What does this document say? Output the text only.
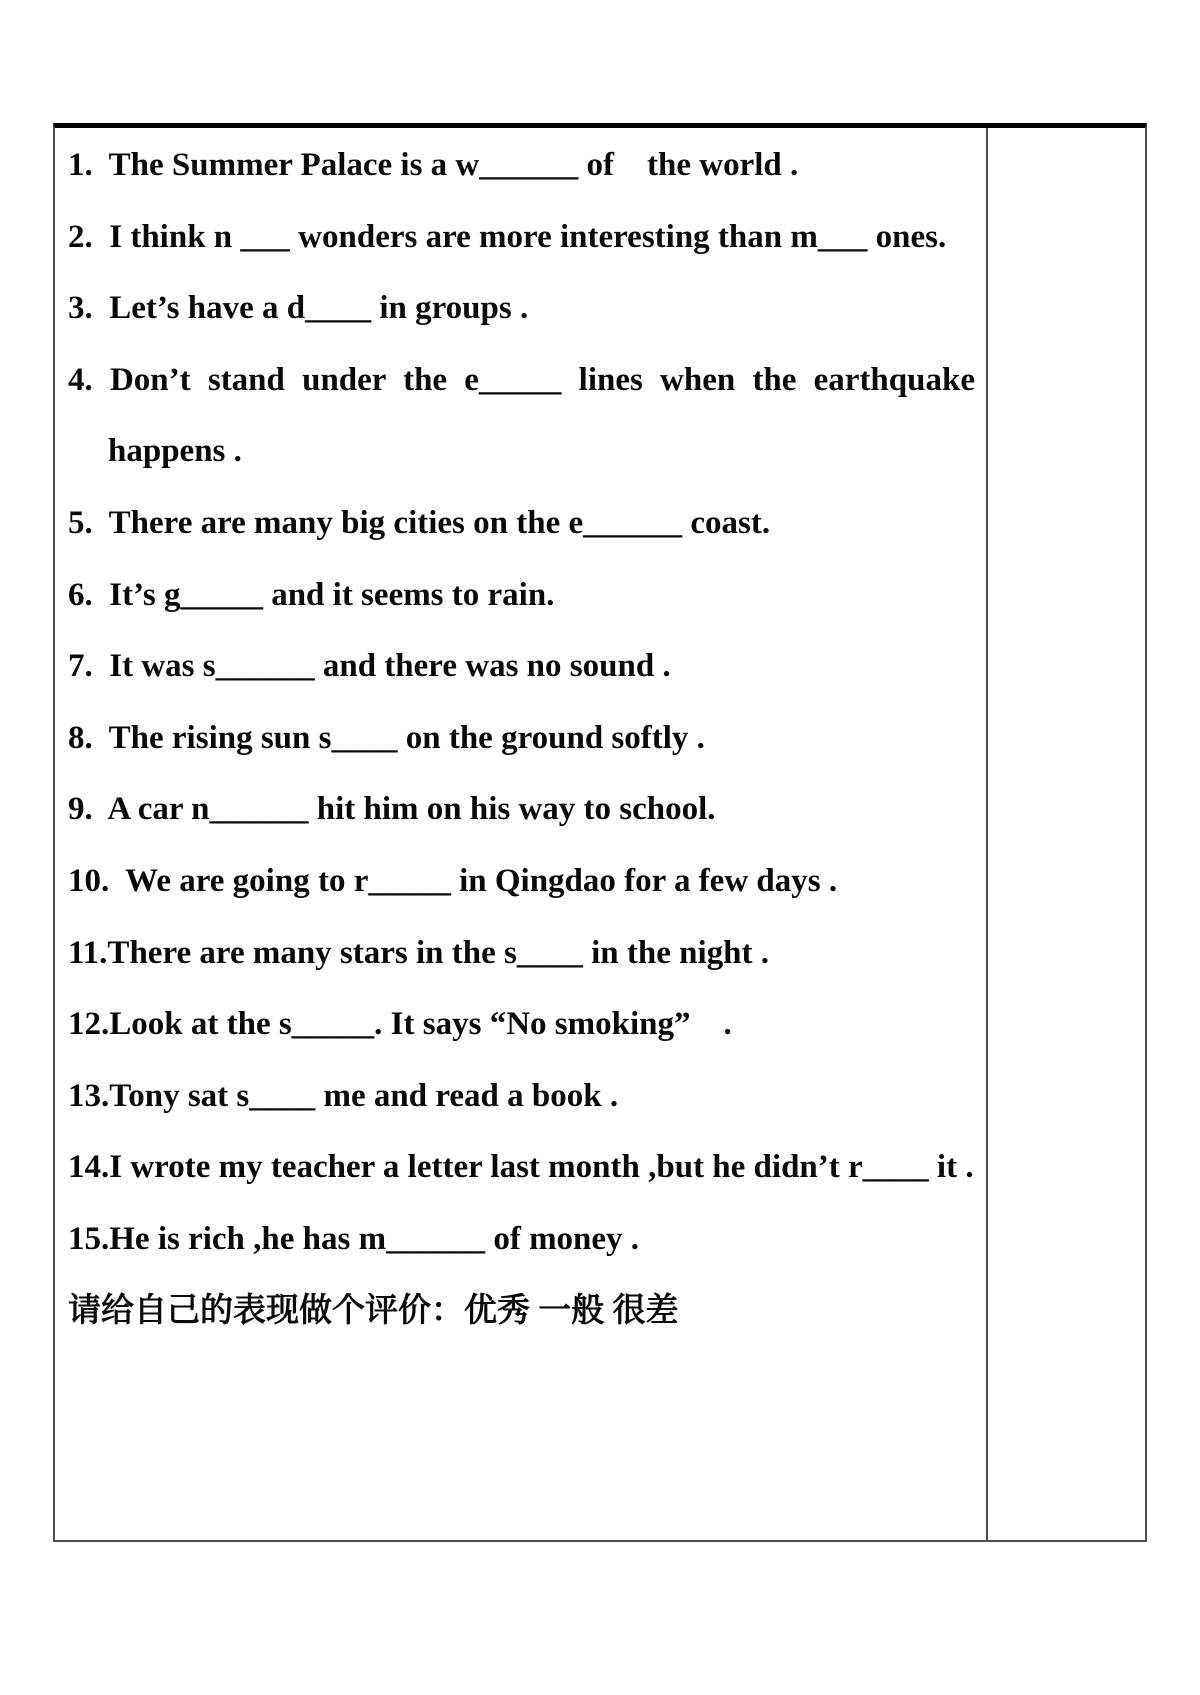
1.  The Summer Palace is a w______ of    the world .
2.  I think n ___ wonders are more interesting than m___ ones.
3.  Let’s have a d____ in groups .
4. Don’t stand under the e_____ lines when the earthquake
happens .
5.  There are many big cities on the e______ coast.
6.  It’s g_____ and it seems to rain.
7.  It was s______ and there was no sound .
8.  The rising sun s____ on the ground softly .
9.  A car n______ hit him on his way to school.
10.  We are going to r_____ in Qingdao for a few days .
11.There are many stars in the s____ in the night .
12.Look at the s_____. It says “No smoking”    .
13.Tony sat s____ me and read a book .
14.I wrote my teacher a letter last month ,but he didn’t r____ it .
15.He is rich ,he has m______ of money .
请给自己的表现做个评价：优秀 一般 很差
